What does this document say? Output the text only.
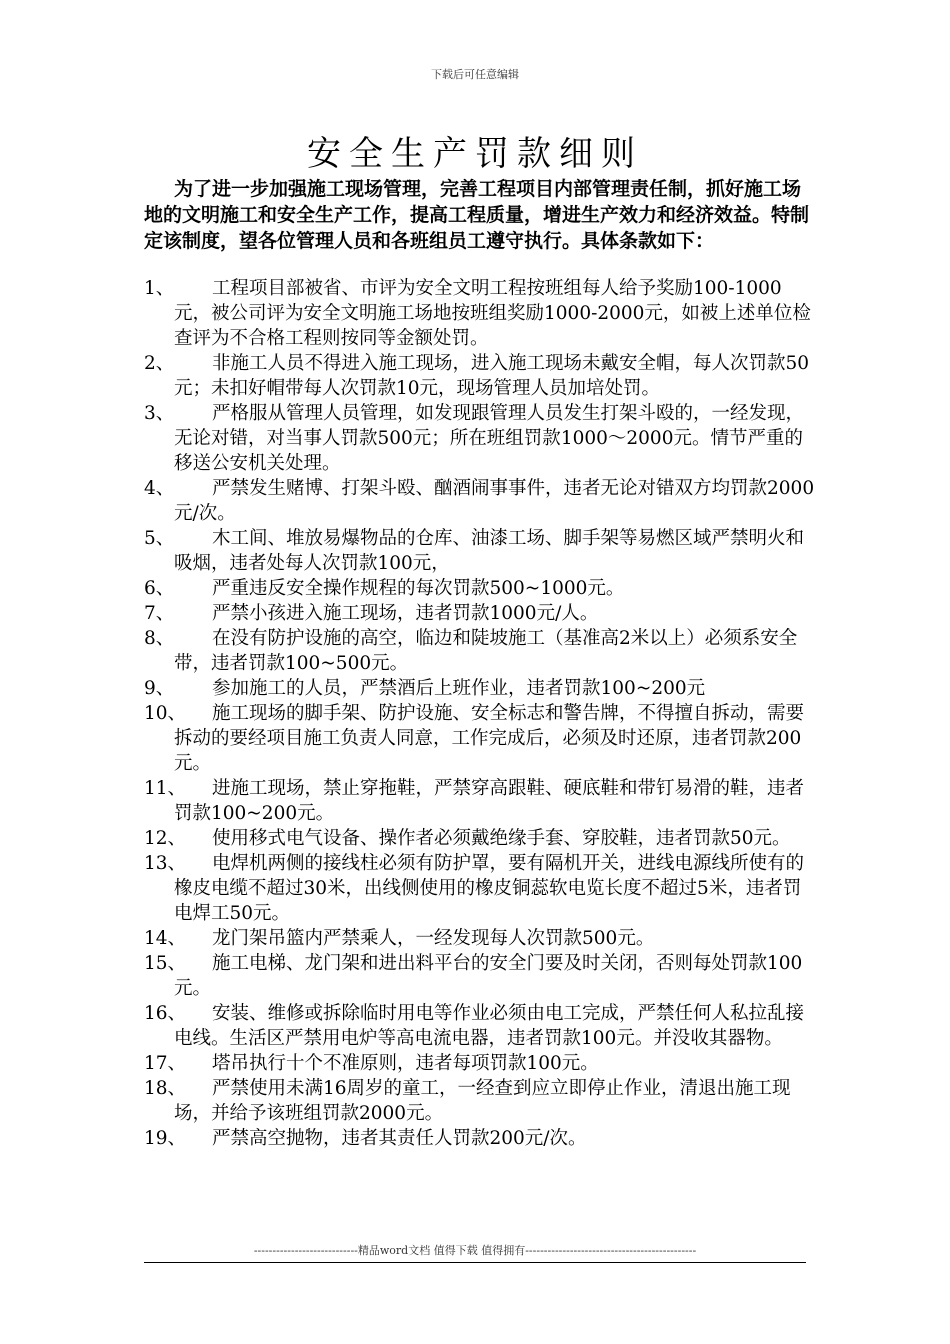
下载后可任意编辑
安全生产罚款细则
为了进一步加强施工现场管理，完善工程项目内部管理责任制，抓好施工场地的文明施工和安全生产工作，提高工程质量，增进生产效力和经济效益。特制定该制度，望各位管理人员和各班组员工遵守执行。具体条款如下：
1、	工程项目部被省、市评为安全文明工程按班组每人给予奖励100-1000元，被公司评为安全文明施工场地按班组奖励1000-2000元，如被上述单位检查评为不合格工程则按同等金额处罚。
2、	非施工人员不得进入施工现场，进入施工现场未戴安全帽，每人次罚款50元；未扣好帽带每人次罚款10元，现场管理人员加培处罚。
3、	严格服从管理人员管理，如发现跟管理人员发生打架斗殴的，一经发现，无论对错，对当事人罚款500元；所在班组罚款1000～2000元。情节严重的移送公安机关处理。
4、	严禁发生赌博、打架斗殴、酗酒闹事事件，违者无论对错双方均罚款2000元/次。
5、	木工间、堆放易爆物品的仓库、油漆工场、脚手架等易燃区域严禁明火和吸烟，违者处每人次罚款100元，
6、	严重违反安全操作规程的每次罚款500~1000元。
7、	严禁小孩进入施工现场，违者罚款1000元/人。
8、	在没有防护设施的高空，临边和陡坡施工（基准高2米以上）必须系安全带，违者罚款100~500元。
9、	参加施工的人员，严禁酒后上班作业，违者罚款100~200元
10、	施工现场的脚手架、防护设施、安全标志和警告牌，不得擅自拆动，需要拆动的要经项目施工负责人同意，工作完成后，必须及时还原，违者罚款200元。
11、	进施工现场，禁止穿拖鞋，严禁穿高跟鞋、硬底鞋和带钉易滑的鞋，违者罚款100~200元。
12、	使用移式电气设备、操作者必须戴绝缘手套、穿胶鞋，违者罚款50元。
13、	电焊机两侧的接线柱必须有防护罩，要有隔机开关，进线电源线所使有的橡皮电缆不超过30米，出线侧使用的橡皮铜蕊软电览长度不超过5米，违者罚电焊工50元。
14、	龙门架吊篮内严禁乘人，一经发现每人次罚款500元。
15、	施工电梯、龙门架和进出料平台的安全门要及时关闭，否则每处罚款100元。
16、	安装、维修或拆除临时用电等作业必须由电工完成，严禁任何人私拉乱接电线。生活区严禁用电炉等高电流电器，违者罚款100元。并没收其器物。
17、	塔吊执行十个不准原则，违者每项罚款100元。
18、	严禁使用未满16周岁的童工，一经查到应立即停止作业，清退出施工现场，并给予该班组罚款2000元。
19、	严禁高空抛物，违者其责任人罚款200元/次。
----------------------------精品word文档 值得下载 值得拥有----------------------------------------------
